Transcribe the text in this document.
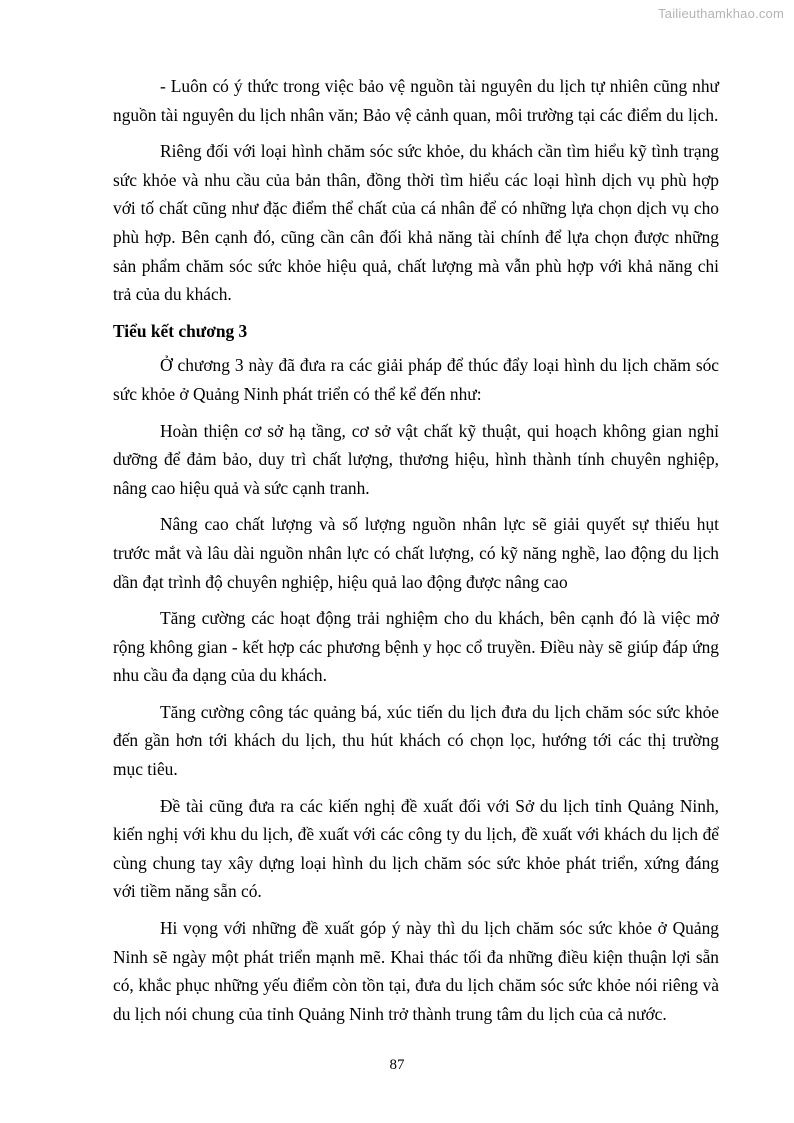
Tailieuthamkhao.com

- Luôn có ý thức trong việc bảo vệ nguồn tài nguyên du lịch tự nhiên cũng như nguồn tài nguyên du lịch nhân văn; Bảo vệ cảnh quan, môi trường tại các điểm du lịch.

Riêng đối với loại hình chăm sóc sức khỏe, du khách cần tìm hiểu kỹ tình trạng sức khỏe và nhu cầu của bản thân, đồng thời tìm hiểu các loại hình dịch vụ phù hợp với tố chất cũng như đặc điểm thể chất của cá nhân để có những lựa chọn dịch vụ cho phù hợp. Bên cạnh đó, cũng cần cân đối khả năng tài chính để lựa chọn được những sản phẩm chăm sóc sức khỏe hiệu quả, chất lượng mà vẫn phù hợp với khả năng chi trả của du khách.

Tiểu kết chương 3

Ở chương 3 này đã đưa ra các giải pháp để thúc đẩy loại hình du lịch chăm sóc sức khỏe ở Quảng Ninh phát triển có thể kể đến như:

Hoàn thiện cơ sở hạ tầng, cơ sở vật chất kỹ thuật, qui hoạch không gian nghỉ dưỡng để đảm bảo, duy trì chất lượng, thương hiệu, hình thành tính chuyên nghiệp, nâng cao hiệu quả và sức cạnh tranh.

Nâng cao chất lượng và số lượng nguồn nhân lực sẽ giải quyết sự thiếu hụt trước mắt và lâu dài nguồn nhân lực có chất lượng, có kỹ năng nghề, lao động du lịch dần đạt trình độ chuyên nghiệp, hiệu quả lao động được nâng cao

Tăng cường các hoạt động trải nghiệm cho du khách, bên cạnh đó là việc mở rộng không gian - kết hợp các phương bệnh y học cổ truyền. Điều này sẽ giúp đáp ứng nhu cầu đa dạng của du khách.

Tăng cường công tác quảng bá, xúc tiến du lịch đưa du lịch chăm sóc sức khỏe đến gần hơn tới khách du lịch, thu hút khách có chọn lọc, hướng tới các thị trường mục tiêu.

Đề tài cũng đưa ra các kiến nghị đề xuất đối với Sở du lịch tỉnh Quảng Ninh, kiến nghị với khu du lịch, đề xuất với các công ty du lịch, đề xuất với khách du lịch để cùng chung tay xây dựng loại hình du lịch chăm sóc sức khỏe phát triển, xứng đáng với tiềm năng sẵn có.

Hi vọng với những đề xuất góp ý này thì du lịch chăm sóc sức khỏe ở Quảng Ninh sẽ ngày một phát triển mạnh mẽ. Khai thác tối đa những điều kiện thuận lợi sẵn có, khắc phục những yếu điểm còn tồn tại, đưa du lịch chăm sóc sức khỏe nói riêng và du lịch nói chung của tỉnh Quảng Ninh trở thành trung tâm du lịch của cả nước.

87
